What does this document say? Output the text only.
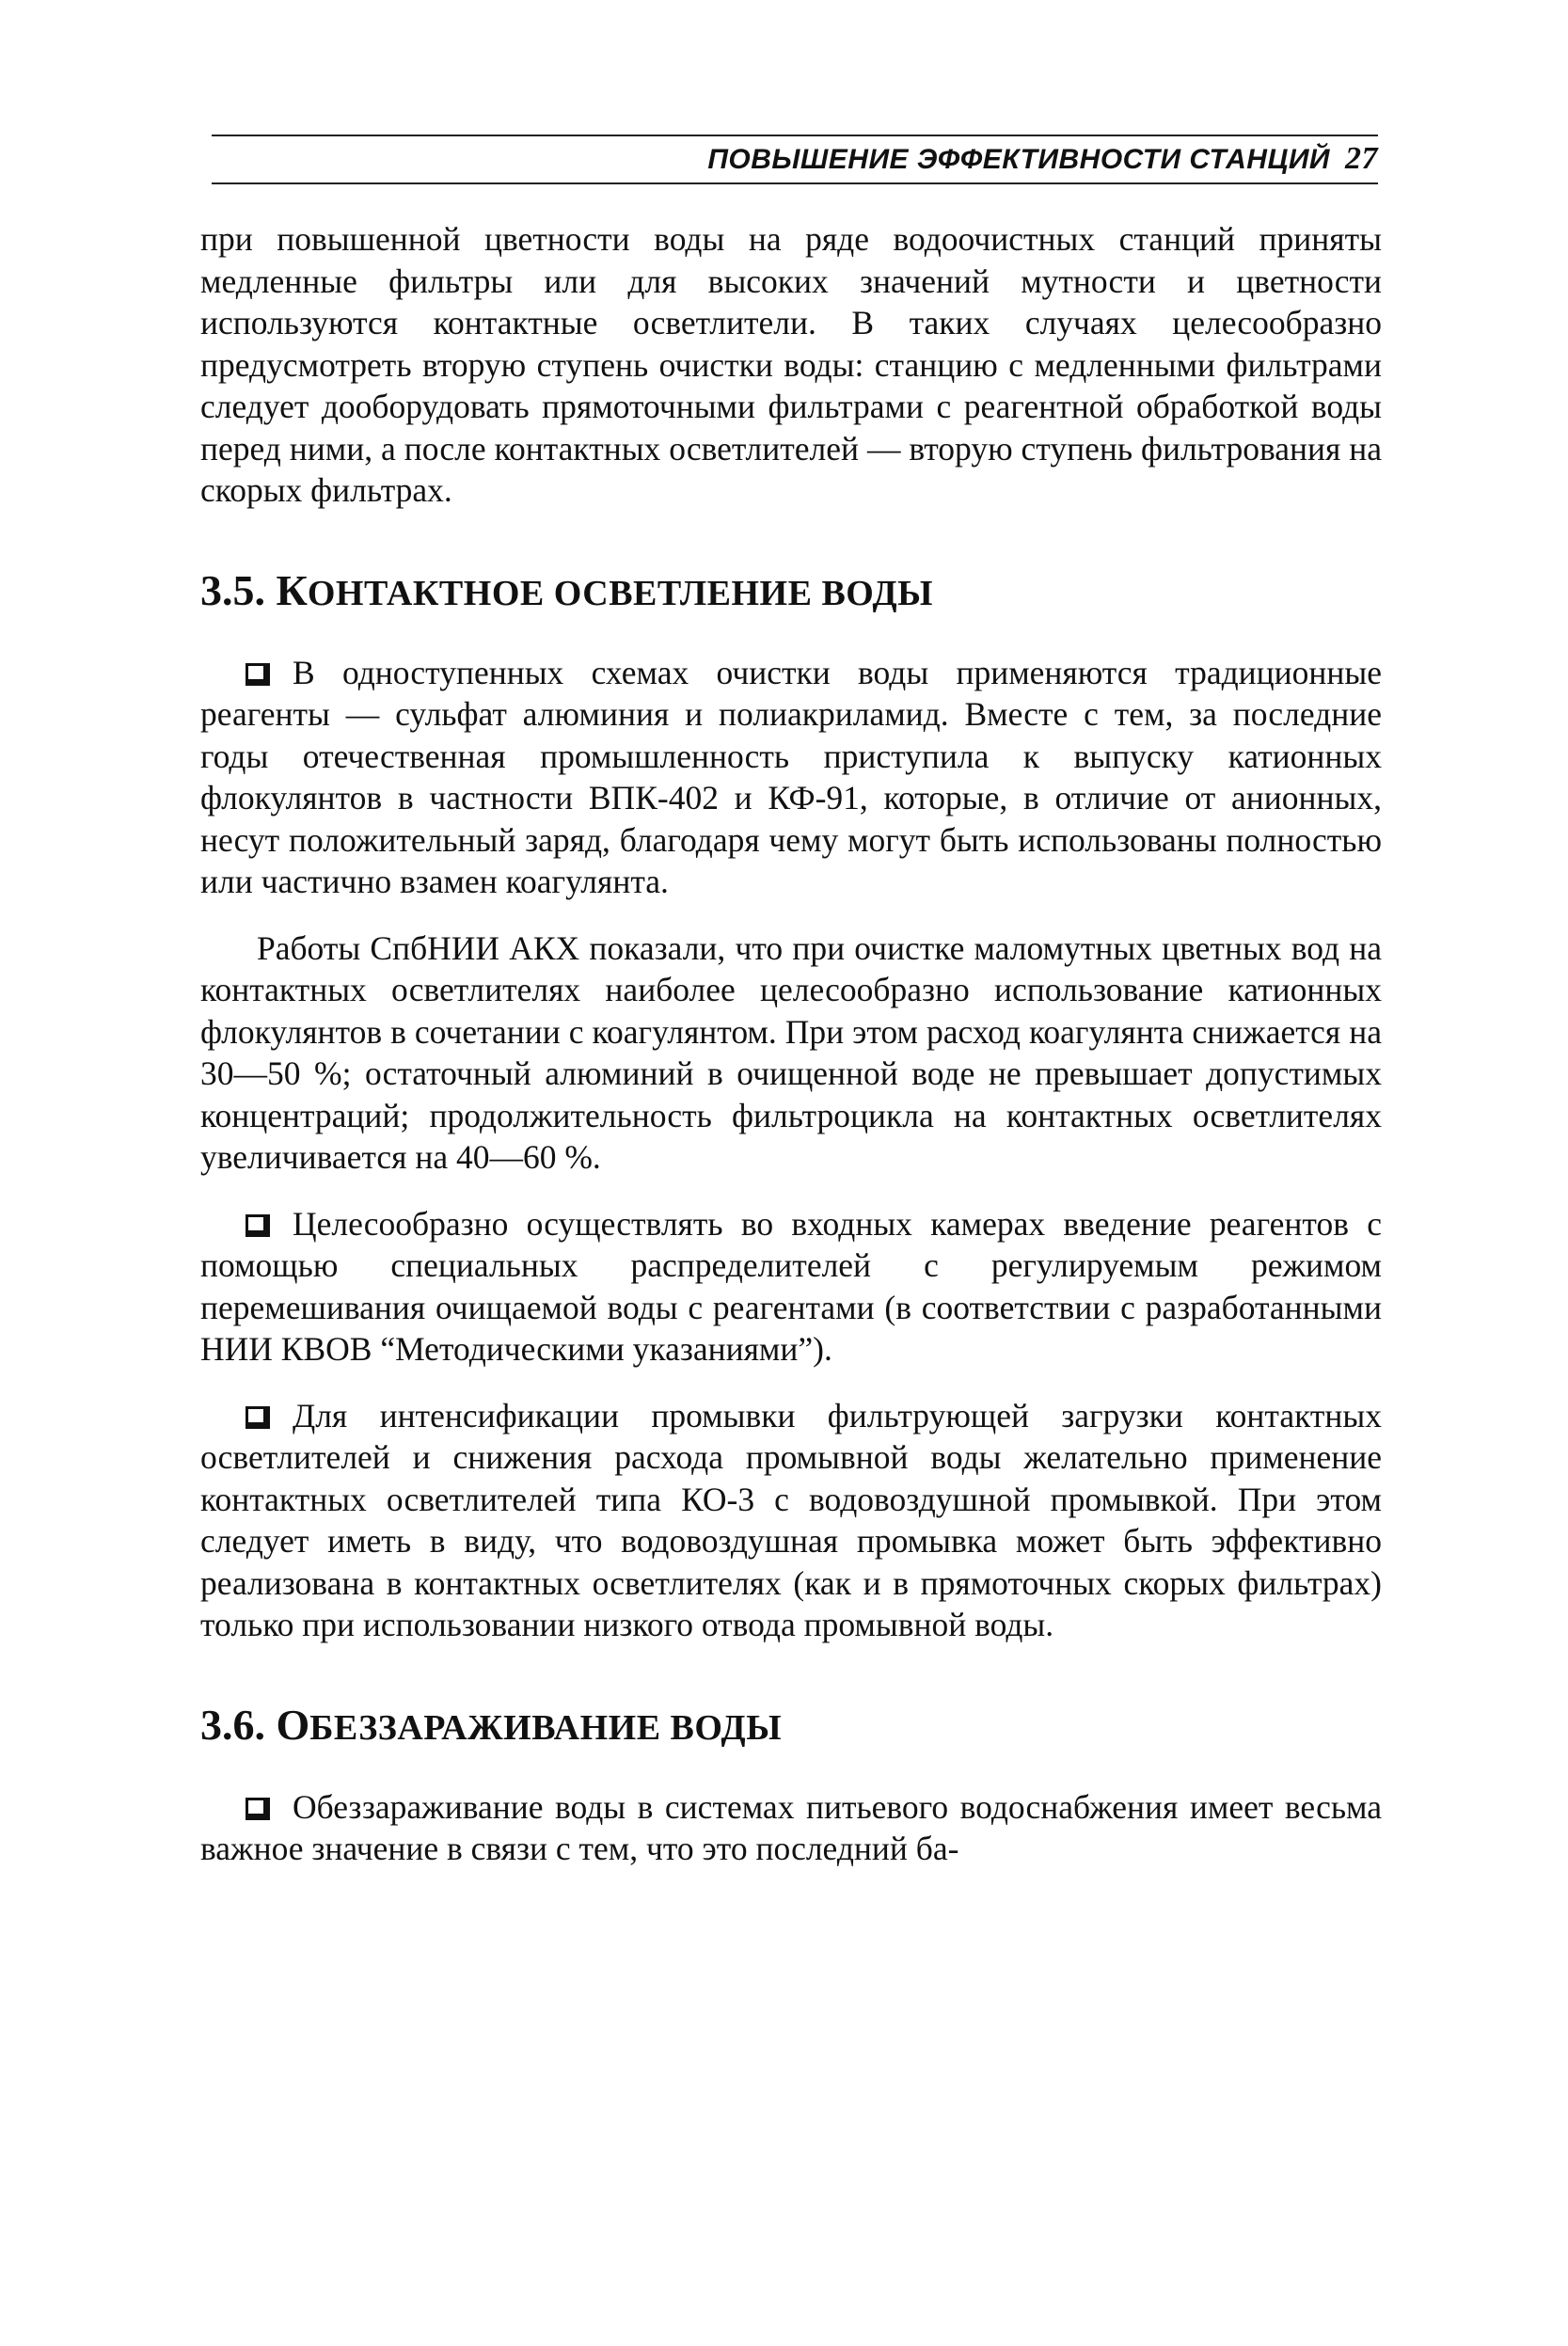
ПОВЫШЕНИЕ ЭФФЕКТИВНОСТИ СТАНЦИЙ 27

при повышенной цветности воды на ряде водоочистных станций приняты медленные фильтры или для высоких значений мутности и цветности используются контактные осветлители. В таких случаях целесообразно предусмотреть вторую ступень очистки воды: станцию с медленными фильтрами следует дооборудовать прямоточными фильтрами с реагентной обработкой воды перед ними, а после контактных осветлителей — вторую ступень фильтрования на скорых фильтрах.

3.5. КОНТАКТНОЕ ОСВЕТЛЕНИЕ ВОДЫ

В одноступенных схемах очистки воды применяются традиционные реагенты — сульфат алюминия и полиакриламид. Вместе с тем, за последние годы отечественная промышленность приступила к выпуску катионных флокулянтов в частности ВПК-402 и КФ-91, которые, в отличие от анионных, несут положительный заряд, благодаря чему могут быть использованы полностью или частично взамен коагулянта.

Работы СпбНИИ АКХ показали, что при очистке маломутных цветных вод на контактных осветлителях наиболее целесообразно использование катионных флокулянтов в сочетании с коагулянтом. При этом расход коагулянта снижается на 30—50 %; остаточный алюминий в очищенной воде не превышает допустимых концентраций; продолжительность фильтроцикла на контактных осветлителях увеличивается на 40—60 %.

Целесообразно осуществлять во входных камерах введение реагентов с помощью специальных распределителей с регулируемым режимом перемешивания очищаемой воды с реагентами (в соответствии с разработанными НИИ КВОВ “Методическими указаниями”).

Для интенсификации промывки фильтрующей загрузки контактных осветлителей и снижения расхода промывной воды желательно применение контактных осветлителей типа КО-3 с водовоздушной промывкой. При этом следует иметь в виду, что водовоздушная промывка может быть эффективно реализована в контактных осветлителях (как и в прямоточных скорых фильтрах) только при использовании низкого отвода промывной воды.

3.6. ОБЕЗЗАРАЖИВАНИЕ ВОДЫ

Обеззараживание воды в системах питьевого водоснабжения имеет весьма важное значение в связи с тем, что это последний ба-
